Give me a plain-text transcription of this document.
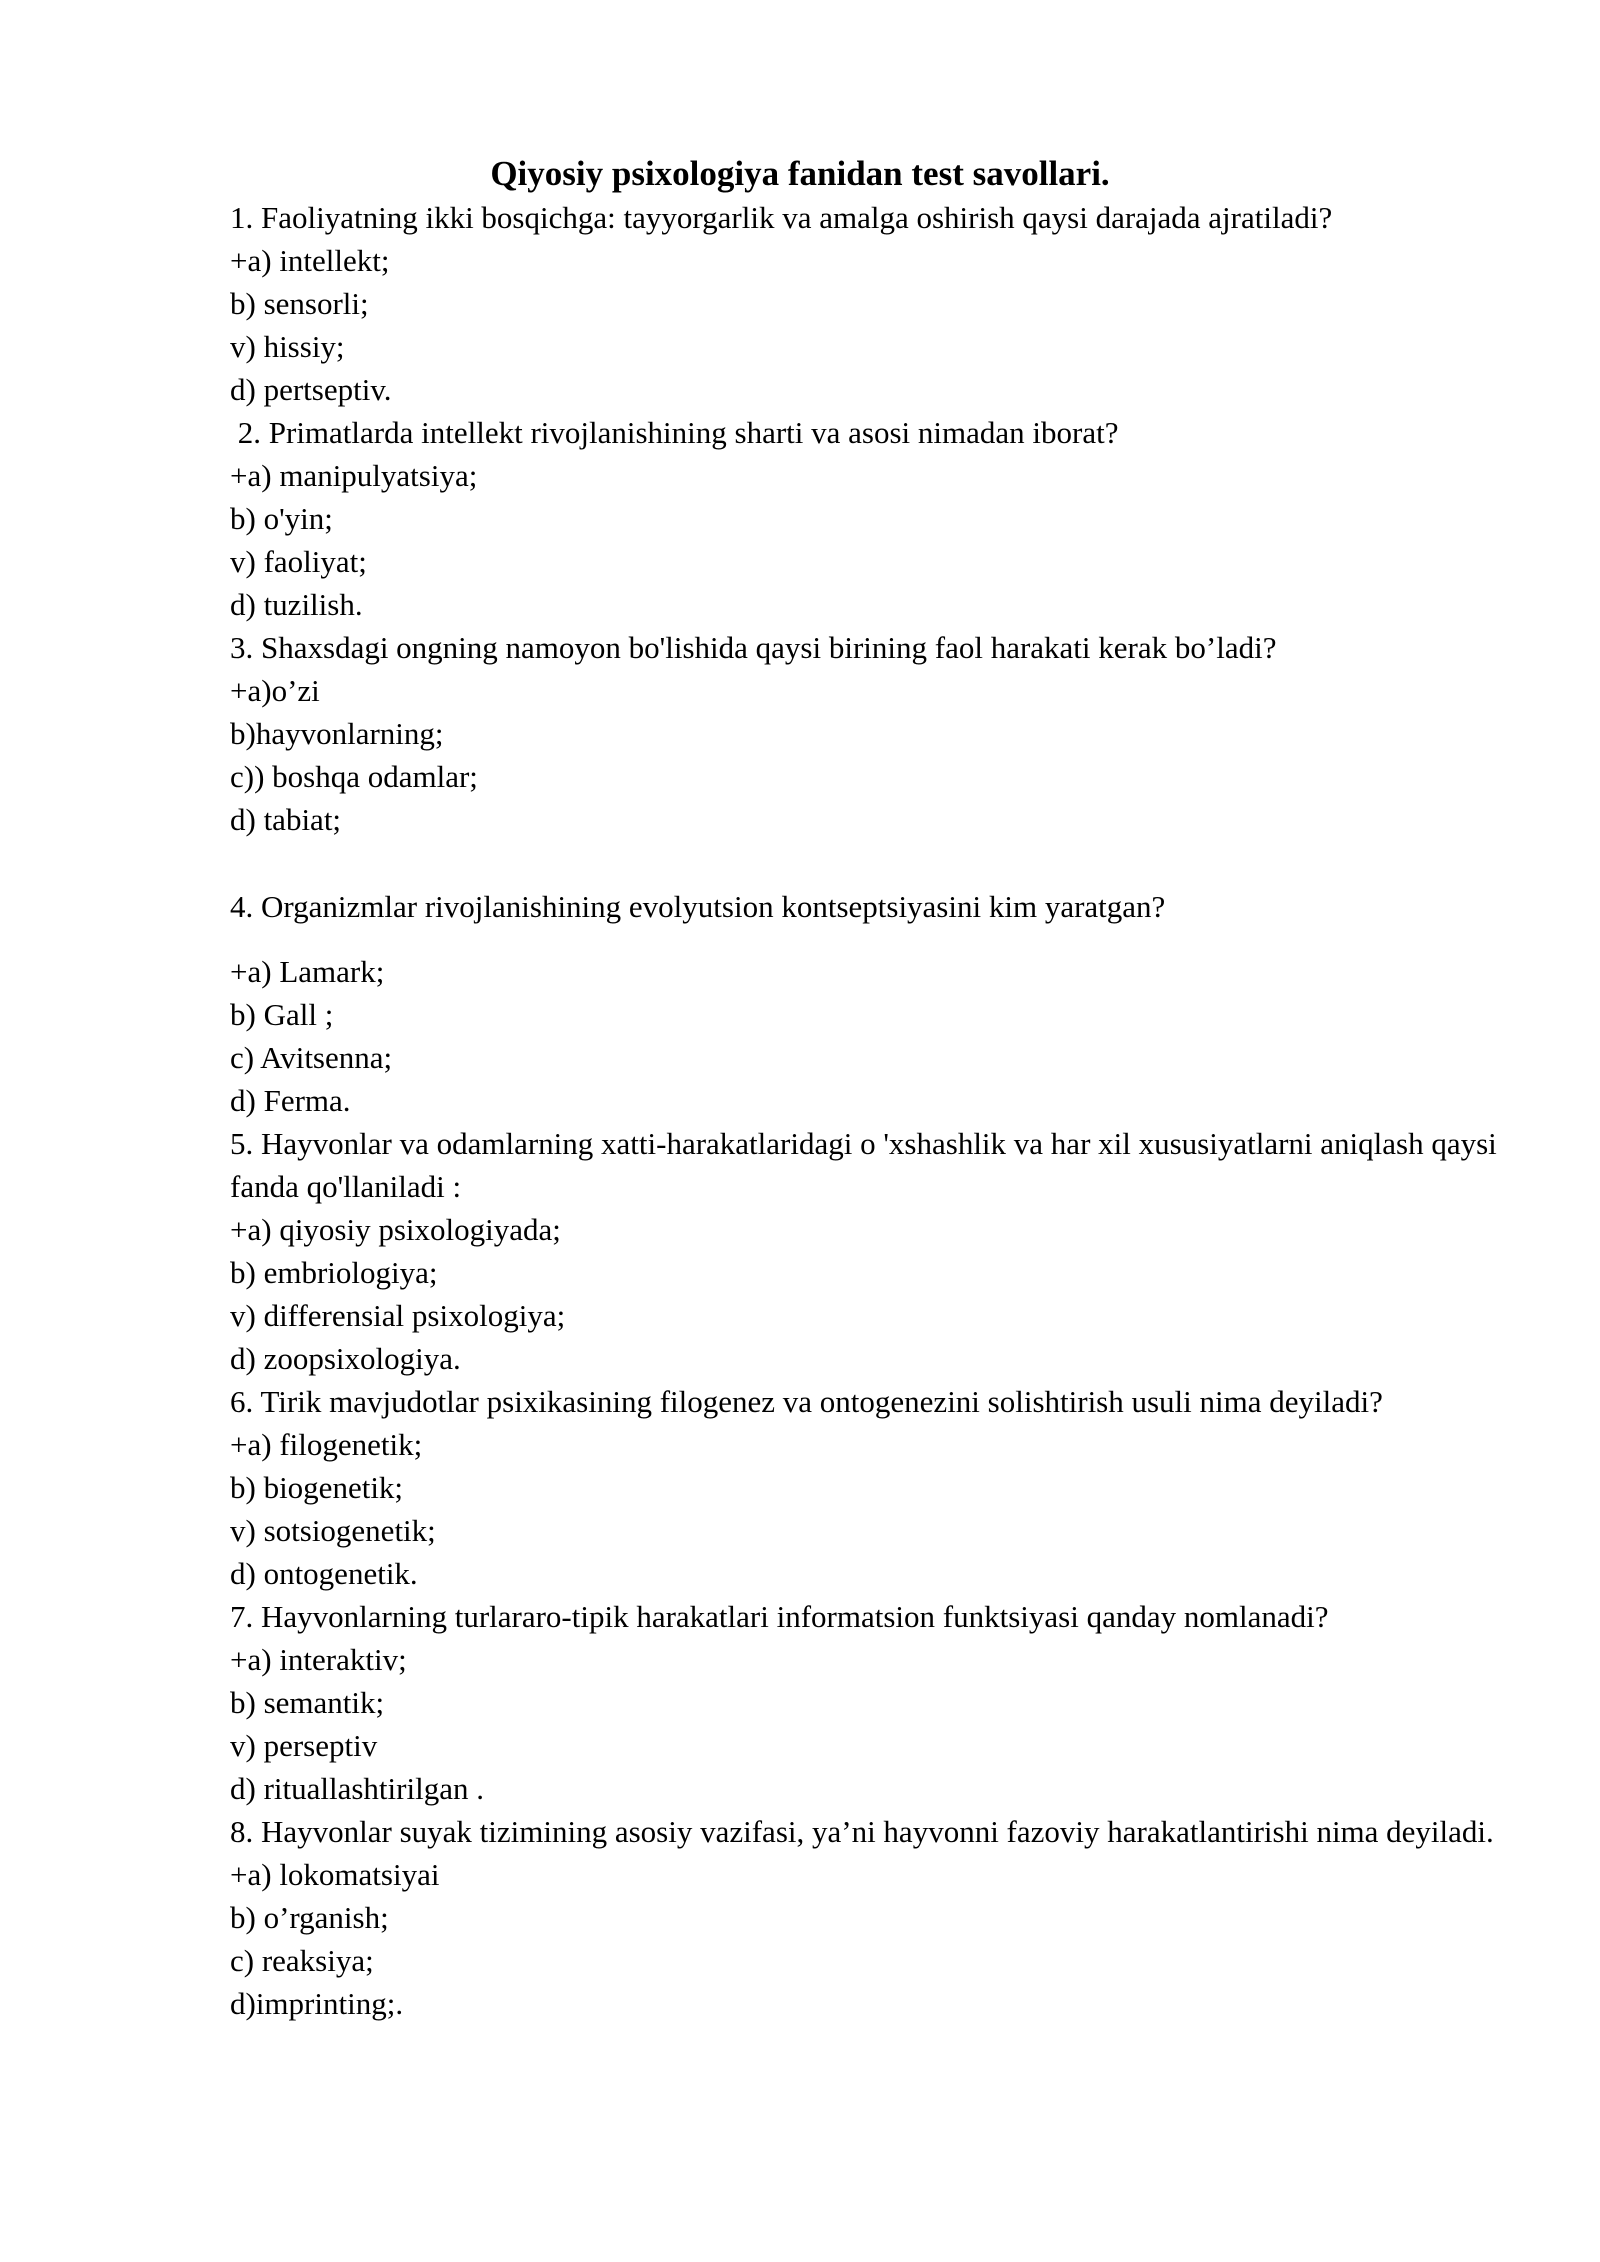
Qiyosiy psixologiya fanidan test savollari.

1. Faoliyatning ikki bosqichga: tayyorgarlik va amalga oshirish qaysi darajada ajratiladi?

+a) intellekt;

b) sensorli;

v) hissiy;

d) pertseptiv.

2. Primatlarda intellekt rivojlanishining sharti va asosi nimadan iborat?

+a) manipulyatsiya;

b) o'yin;

v) faoliyat;

d) tuzilish.

3. Shaxsdagi ongning namoyon bo'lishida qaysi birining faol harakati kerak bo’ladi?

+a)o’zi

b)hayvonlarning;

c)) boshqa odamlar;

d) tabiat;

4. Organizmlar rivojlanishining evolyutsion kontseptsiyasini kim yaratgan?

+a) Lamark;

b) Gall ;

c) Avitsenna;

d) Ferma.

5. Hayvonlar va odamlarning xatti-harakatlaridagi o 'xshashlik va har xil xususiyatlarni aniqlash qaysi fanda qo'llaniladi :

+a) qiyosiy psixologiyada;

b) embriologiya;

v) differensial psixologiya;

d) zoopsixologiya.

6. Tirik mavjudotlar psixikasining filogenez va ontogenezini solishtirish usuli nima deyiladi?

+a) filogenetik;

b) biogenetik;

v) sotsiogenetik;

d) ontogenetik.

7. Hayvonlarning turlararo-tipik harakatlari informatsion funktsiyasi qanday nomlanadi?

+a) interaktiv;

b) semantik;

v) perseptiv

d) rituallashtirilgan .

8. Hayvonlar suyak tizimining asosiy vazifasi, ya’ni hayvonni fazoviy harakatlantirishi nima deyiladi.

+a) lokomatsiyai

b) o’rganish;

c) reaksiya;

d)imprinting;.
